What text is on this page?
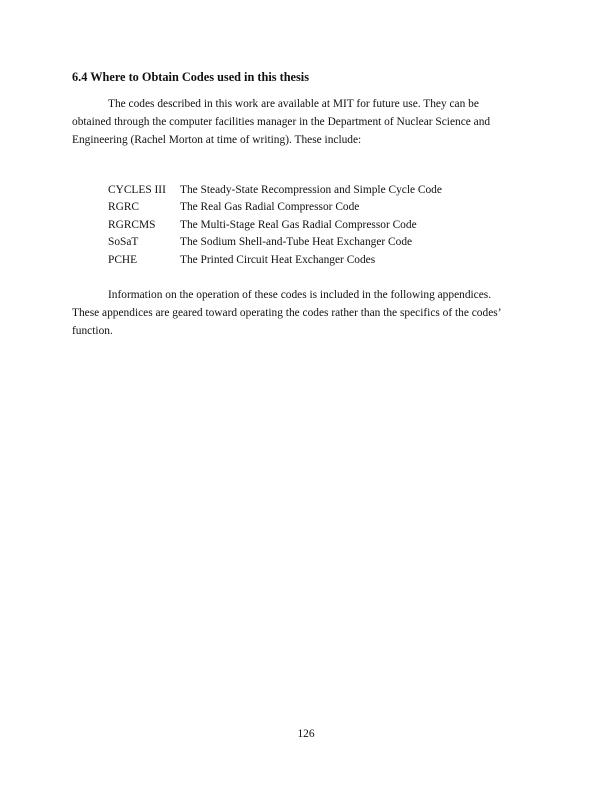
6.4 Where to Obtain Codes used in this thesis

The codes described in this work are available at MIT for future use. They can be
obtained through the computer facilities manager in the Department of Nuclear Science and
Engineering (Rachel Morton at time of writing). These include:

CYCLES III	The Steady-State Recompression and Simple Cycle Code
RGRC	The Real Gas Radial Compressor Code
RGRCMS	The Multi-Stage Real Gas Radial Compressor Code
SoSaT	The Sodium Shell-and-Tube Heat Exchanger Code
PCHE	The Printed Circuit Heat Exchanger Codes

Information on the operation of these codes is included in the following appendices.
These appendices are geared toward operating the codes rather than the specifics of the codes’
function.

126
